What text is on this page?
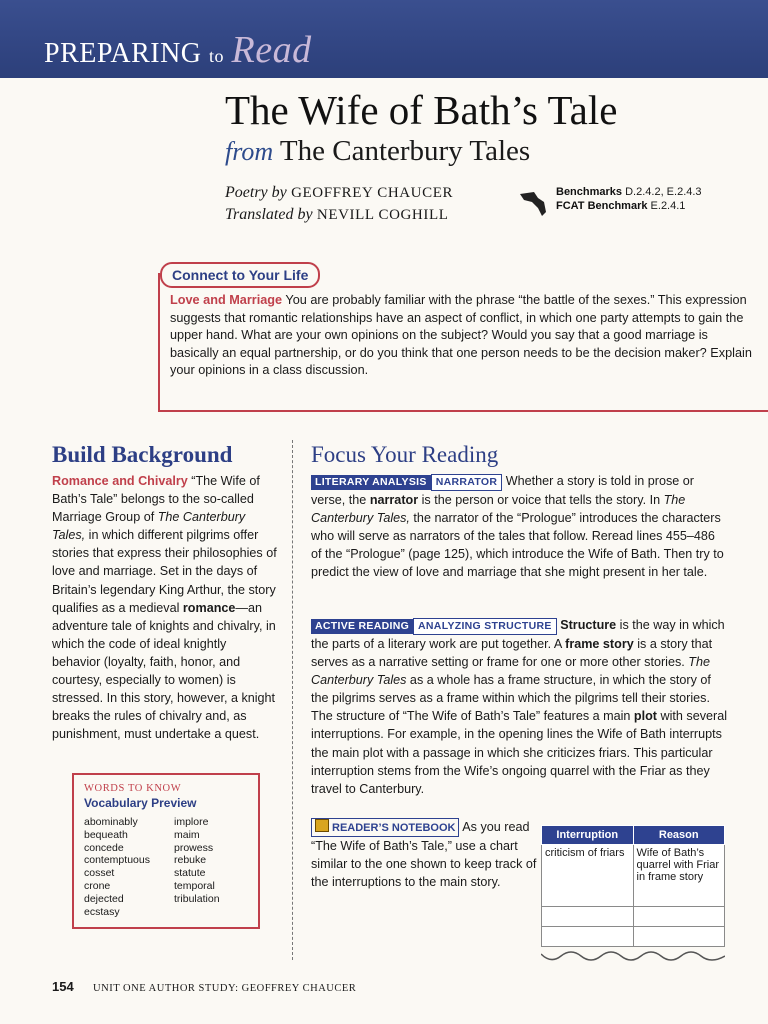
PREPARING to Read
The Wife of Bath’s Tale
from The Canterbury Tales
Poetry by GEOFFREY CHAUCER
Translated by NEVILL COGHILL
Benchmarks D.2.4.2, E.2.4.3
FCAT Benchmark E.2.4.1
Connect to Your Life
Love and Marriage You are probably familiar with the phrase “the battle of the sexes.” This expression suggests that romantic relationships have an aspect of conflict, in which one party attempts to gain the upper hand. What are your own opinions on the subject? Would you say that a good marriage is basically an equal partnership, or do you think that one person needs to be the decision maker? Explain your opinions in a class discussion.
Build Background
Romance and Chivalry “The Wife of Bath’s Tale” belongs to the so-called Marriage Group of The Canterbury Tales, in which different pilgrims offer stories that express their philosophies of love and marriage. Set in the days of Britain’s legendary King Arthur, the story qualifies as a medieval romance—an adventure tale of knights and chivalry, in which the code of ideal knightly behavior (loyalty, faith, honor, and courtesy, especially to women) is stressed. In this story, however, a knight breaks the rules of chivalry and, as punishment, must undertake a quest.
WORDS TO KNOW
Vocabulary Preview
abominably
bequeath
concede
contemptuous
cosset
crone
dejected
ecstasy
implore
maim
prowess
rebuke
statute
temporal
tribulation
Focus Your Reading
LITERARY ANALYSIS NARRATOR Whether a story is told in prose or verse, the narrator is the person or voice that tells the story. In The Canterbury Tales, the narrator of the “Prologue” introduces the characters who will serve as narrators of the tales that follow. Reread lines 455–486 of the “Prologue” (page 125), which introduce the Wife of Bath. Then try to predict the view of love and marriage that she might present in her tale.
ACTIVE READING ANALYZING STRUCTURE Structure is the way in which the parts of a literary work are put together. A frame story is a story that serves as a narrative setting or frame for one or more other stories. The Canterbury Tales as a whole has a frame structure, in which the story of the pilgrims serves as a frame within which the pilgrims tell their stories. The structure of “The Wife of Bath’s Tale” features a main plot with several interruptions. For example, in the opening lines the Wife of Bath interrupts the main plot with a passage in which she criticizes friars. This particular interruption stems from the Wife’s ongoing quarrel with the Friar as they travel to Canterbury.
READER’S NOTEBOOK As you read “The Wife of Bath’s Tale,” use a chart similar to the one shown to keep track of the interruptions to the main story.
Interruption	Reason
criticism of friars	Wife of Bath’s quarrel with Friar in frame story

154 UNIT ONE AUTHOR STUDY: GEOFFREY CHAUCER
